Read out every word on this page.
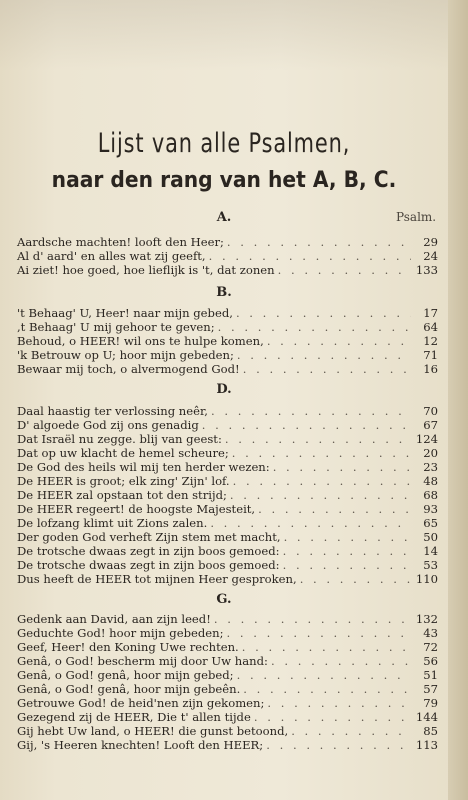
Lijst van alle Psalmen,
naar den rang van het A, B, C.
Psalm.
A.
Aardsche machten! looft den Heer; . . .	29
Al d' aard' en alles wat zij geeft, . . .	24
Ai ziet! hoe goed, hoe lieflijk is 't, dat zonen . . .	133
B.
't Behaag' U, Heer! naar mijn gebed, . . .	17
,t Behaag' U mij gehoor te geven; . . .	64
Behoud, o HEER! wil ons te hulpe komen, . . .	12
'k Betrouw op U; hoor mijn gebeden; . . .	71
Bewaar mij toch, o alvermogend God! . . .	16
D.
Daal haastig ter verlossing neêr, . . .	70
D' algoede God zij ons genadig . . .	67
Dat Israël nu zegge. blij van geest: . . .	124
Dat op uw klacht de hemel scheure; . . .	20
De God des heils wil mij ten herder wezen: . . .	23
De HEER is groot; elk zing' Zijn' lof. . . .	48
De HEER zal opstaan tot den strijd; . . .	68
De HEER regeert! de hoogste Majesteit, . . .	93
De lofzang klimt uit Zions zalen. . . .	65
Der goden God verheft Zijn stem met macht, . . .	50
De trotsche dwaas zegt in zijn boos gemoed: . . .	14
De trotsche dwaas zegt in zijn boos gemoed: . . .	53
Dus heeft de HEER tot mijnen Heer gesproken, . . .	110
G.
Gedenk aan David, aan zijn leed! . . .	132
Geduchte God! hoor mijn gebeden; . . .	43
Geef, Heer! den Koning Uwe rechten. . . .	72
Genâ, o God! bescherm mij door Uw hand: . . .	56
Genâ, o God! genâ, hoor mijn gebed; . . .	51
Genâ, o God! genâ, hoor mijn gebeên. . . .	57
Getrouwe God! de heid'nen zijn gekomen; . . .	79
Gezegend zij de HEER, Die t' allen tijde . . .	144
Gij hebt Uw land, o HEER! die gunst betoond, . . .	85
Gij, 's Heeren knechten! Looft den HEER; . . .	113
